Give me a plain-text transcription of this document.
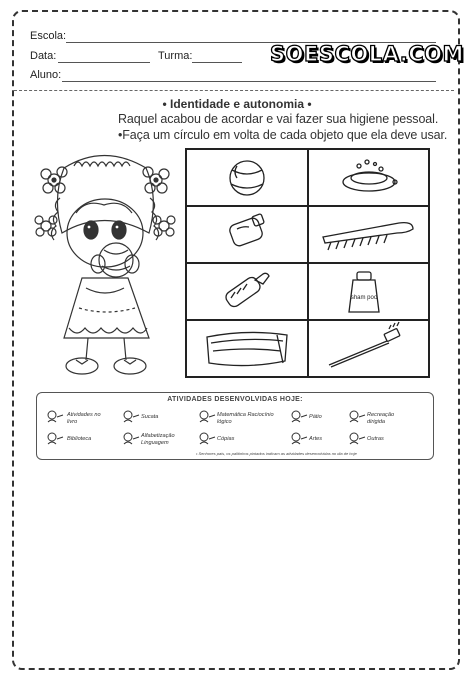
Escola:
Data:	Turma:
Aluno:
SOESCOLA.COM
• Identidade e autonomia •
Raquel acabou de acordar e vai fazer sua higiene pessoal.
•Faça um círculo em volta de cada objeto que ela deve usar.
sham poo
ATIVIDADES DESENVOLVIDAS HOJE:
Atividades no livro
Sucata	Matemática Raciocínio lógico
Pátio	Recreação dirigida
Biblioteca	Alfabetização Linguagem
Cópias	Artes	Outras
• Senhores pais, os palitinhos pintados indicam as atividades desenvolvidas no dia de hoje
